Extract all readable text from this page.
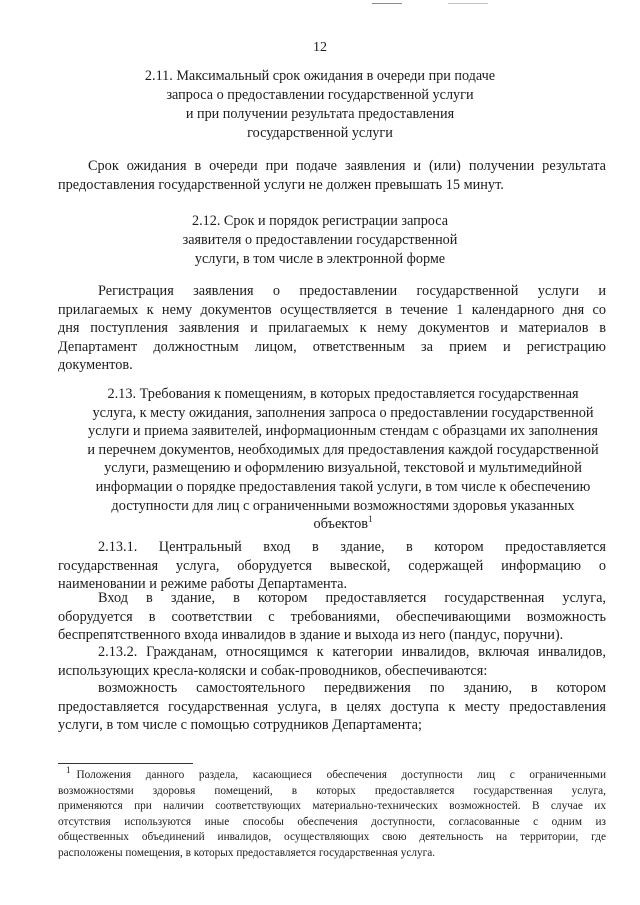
12
2.11. Максимальный срок ожидания в очереди при подаче
запроса о предоставлении государственной услуги
и при получении результата предоставления
государственной услуги
Срок ожидания в очереди при подаче заявления и (или) получении результата
предоставления государственной услуги не должен превышать 15 минут.
2.12. Срок и порядок регистрации запроса
заявителя о предоставлении государственной
услуги, в том числе в электронной форме
Регистрация заявления о предоставлении государственной услуги и
прилагаемых к нему документов осуществляется в течение 1 календарного дня со
дня поступления заявления и прилагаемых к нему документов и материалов в
Департамент должностным лицом, ответственным за прием и регистрацию
документов.
2.13. Требования к помещениям, в которых предоставляется государственная
услуга, к месту ожидания, заполнения запроса о предоставлении государственной
услуги и приема заявителей, информационным стендам с образцами их заполнения
и перечнем документов, необходимых для предоставления каждой государственной
услуги, размещению и оформлению визуальной, текстовой и мультимедийной
информации о порядке предоставления такой услуги, в том числе к обеспечению
доступности для лиц с ограниченными возможностями здоровья указанных
объектов$^1$
2.13.1. Центральный вход в здание, в котором предоставляется
государственная услуга, оборудуется вывеской, содержащей информацию о
наименовании и режиме работы Департамента.
Вход в здание, в котором предоставляется государственная услуга,
оборудуется в соответствии с требованиями, обеспечивающими возможность
беспрепятственного входа инвалидов в здание и выхода из него (пандус, поручни).
2.13.2. Гражданам, относящимся к категории инвалидов, включая инвалидов,
использующих кресла-коляски и собак-проводников, обеспечиваются:
возможность самостоятельного передвижения по зданию, в котором
предоставляется государственная услуга, в целях доступа к месту предоставления
услуги, в том числе с помощью сотрудников Департамента;
$^1$ Положения данного раздела, касающиеся обеспечения доступности лиц с ограниченными
возможностями здоровья помещений, в которых предоставляется государственная услуга,
применяются при наличии соответствующих материально-технических возможностей. В случае их
отсутствия используются иные способы обеспечения доступности, согласованные с одним из
общественных объединений инвалидов, осуществляющих свою деятельность на территории, где
расположены помещения, в которых предоставляется государственная услуга.
